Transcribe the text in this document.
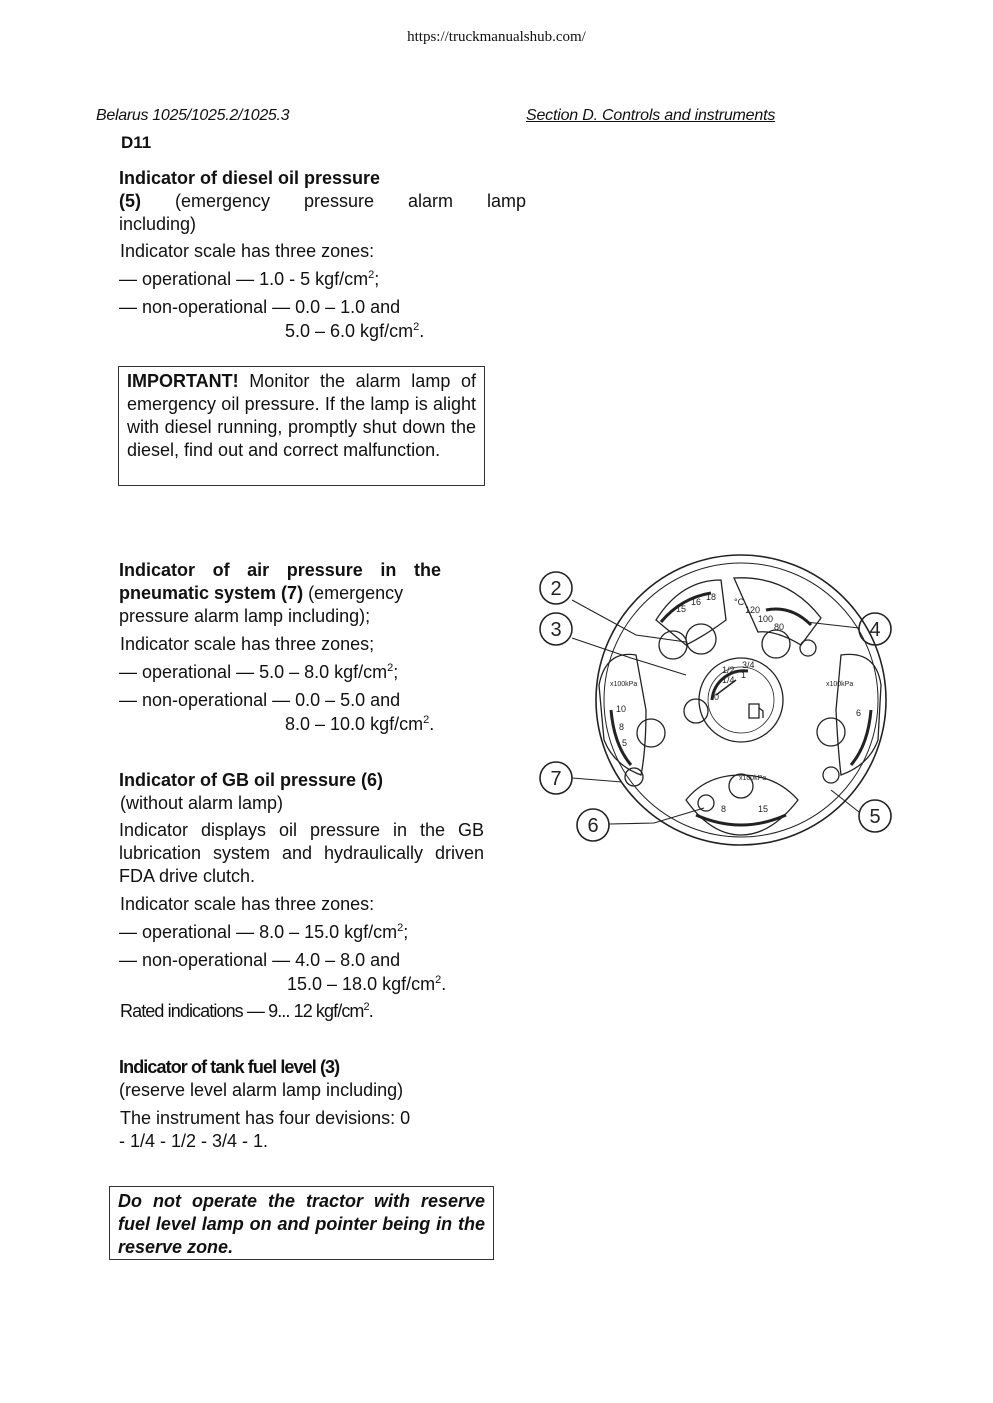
https://truckmanualshub.com/
Belarus 1025/1025.2/1025.3	Section D. Controls and instruments
D11
Indicator of diesel oil pressure
(5) (emergency pressure alarm lamp
including)
Indicator scale has three zones:
— operational — 1.0 - 5 kgf/$cm^2$;
— non-operational — 0.0 – 1.0 and
5.0 – 6.0 kgf/$cm^2$.
IMPORTANT! Monitor the alarm lamp of emergency oil pressure. If the lamp is alight with diesel running, promptly shut down the diesel, find out and correct malfunction.
Indicator of air pressure in the
pneumatic system (7) (emergency
pressure alarm lamp including);
Indicator scale has three zones;
— operational — 5.0 – 8.0 kgf/$cm^2$;
— non-operational — 0.0 – 5.0 and
8.0 – 10.0 kgf/$cm^2$.
Indicator of GB oil pressure (6)
(without alarm lamp)
Indicator displays oil pressure in the GB lubrication system and hydraulically driven FDA drive clutch.
Indicator scale has three zones:
— operational — 8.0 – 15.0 kgf/$cm^2$;
— non-operational — 4.0 – 8.0 and
15.0 – 18.0 kgf/$cm^2$.
Rated indications — 9... 12 kgf/$cm^2$.
Indicator of tank fuel level (3)
(reserve level alarm lamp including)
The instrument has four devisions: 0
- 1/4 - 1/2 - 3/4 - 1.
Do not operate the tractor with reserve fuel level lamp on and pointer being in the reserve zone.
1/4
1/2 3/4
1
0
°C
120
100
80
15
16 18
x100kPa
10
8
5
x100kPa
6
x100kPa
8	15
2
3	4
7
5
6
